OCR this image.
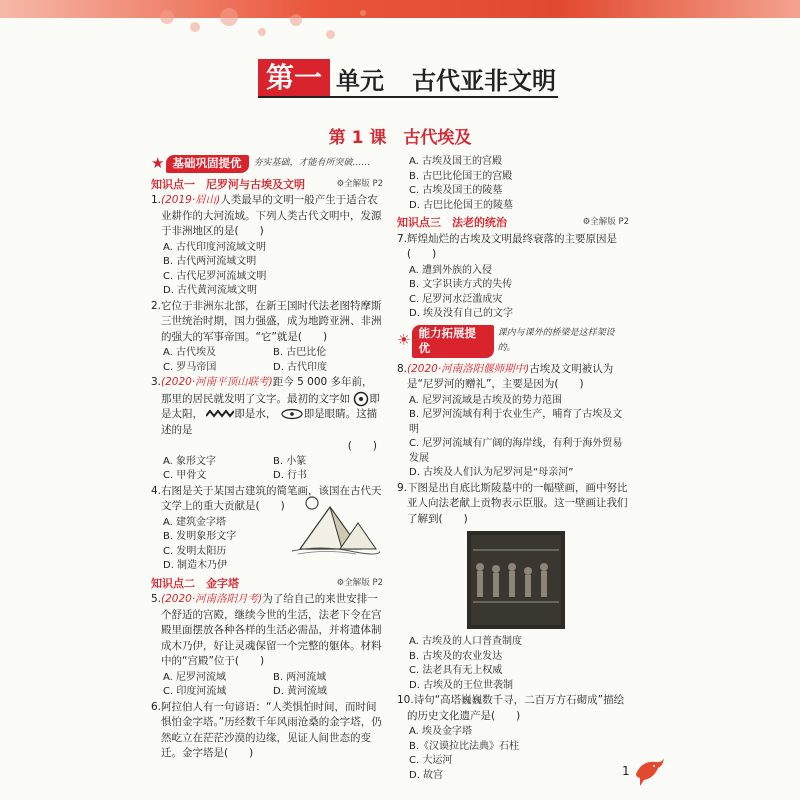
第一 单元 古代亚非文明
第 1 课　古代埃及
★ 基础巩固提优	夯实基础，才能有所突破……
知识点一　尼罗河与古埃及文明	⚙全解版 P2
1.(2019·眉山)人类最早的文明一般产生于适合农业耕作的大河流域。下列人类古代文明中，发源于非洲地区的是(　　)
A. 古代印度河流域文明
B. 古代两河流域文明
C. 古代尼罗河流域文明
D. 古代黄河流域文明
2.它位于非洲东北部，在新王国时代法老图特摩斯三世统治时期，国力强盛，成为地跨亚洲、非洲的强大的军事帝国。“它”就是(　　)
A. 古代埃及	B. 古巴比伦
C. 罗马帝国	D. 古代印度
3.(2020·河南平顶山联考)距今 5 000 多年前，那里的居民就发明了文字。最初的文字如 即是太阳，	即是水，	即是眼睛。这描述的是
(　　)
A. 象形文字	B. 小篆
C. 甲骨文	D. 行书
4.右图是关于某国古建筑的简笔画，该国在古代天文学上的重大贡献是(　　)
A. 建筑金字塔
B. 发明象形文字
C. 发明太阳历
D. 制造木乃伊
知识点二　金字塔	⚙全解版 P2
5.(2020·河南洛阳月考)为了给自己的来世安排一个舒适的宫殿，继续今世的生活，法老下令在宫殿里面摆放各种各样的生活必需品，并将遗体制成木乃伊，好让灵魂保留一个完整的躯体。材料中的“宫殿”位于(　　)
A. 尼罗河流域	B. 两河流域
C. 印度河流域	D. 黄河流域
6.阿拉伯人有一句谚语：“人类惧怕时间，而时间惧怕金字塔。”历经数千年风雨沧桑的金字塔，仍然屹立在茫茫沙漠的边缘，见证人间世态的变迁。金字塔是(　　)
A. 古埃及国王的宫殿
B. 古巴比伦国王的宫殿
C. 古埃及国王的陵墓
D. 古巴比伦国王的陵墓
知识点三　法老的统治	⚙全解版 P2
7.辉煌灿烂的古埃及文明最终衰落的主要原因是(　　)
A. 遭到外族的入侵
B. 文字识读方式的失传
C. 尼罗河水泛滥成灾
D. 埃及没有自己的文字
☀ 能力拓展提优
课内与课外的桥梁是这样架设的。
8.(2020·河南洛阳偃师期中)古埃及文明被认为是“尼罗河的赠礼”，主要是因为(　　)
A. 尼罗河流域是古埃及的势力范围
B. 尼罗河流域有利于农业生产，哺育了古埃及文明
C. 尼罗河流域有广阔的海岸线，有利于海外贸易发展
D. 古埃及人们认为尼罗河是“母亲河”
9.下图是出自底比斯陵墓中的一幅壁画，画中努比亚人向法老献上贡物表示臣服。这一壁画让我们了解到(　　)
A. 古埃及的人口普查制度
B. 古埃及的农业发达
C. 法老具有无上权威
D. 古埃及的王位世袭制
10.诗句“高塔巍巍数千寻，二百万方石砌成”描绘的历史文化遗产是(　　)
A. 埃及金字塔
B.《汉谟拉比法典》石柱
C. 大运河
D. 故宫	1
